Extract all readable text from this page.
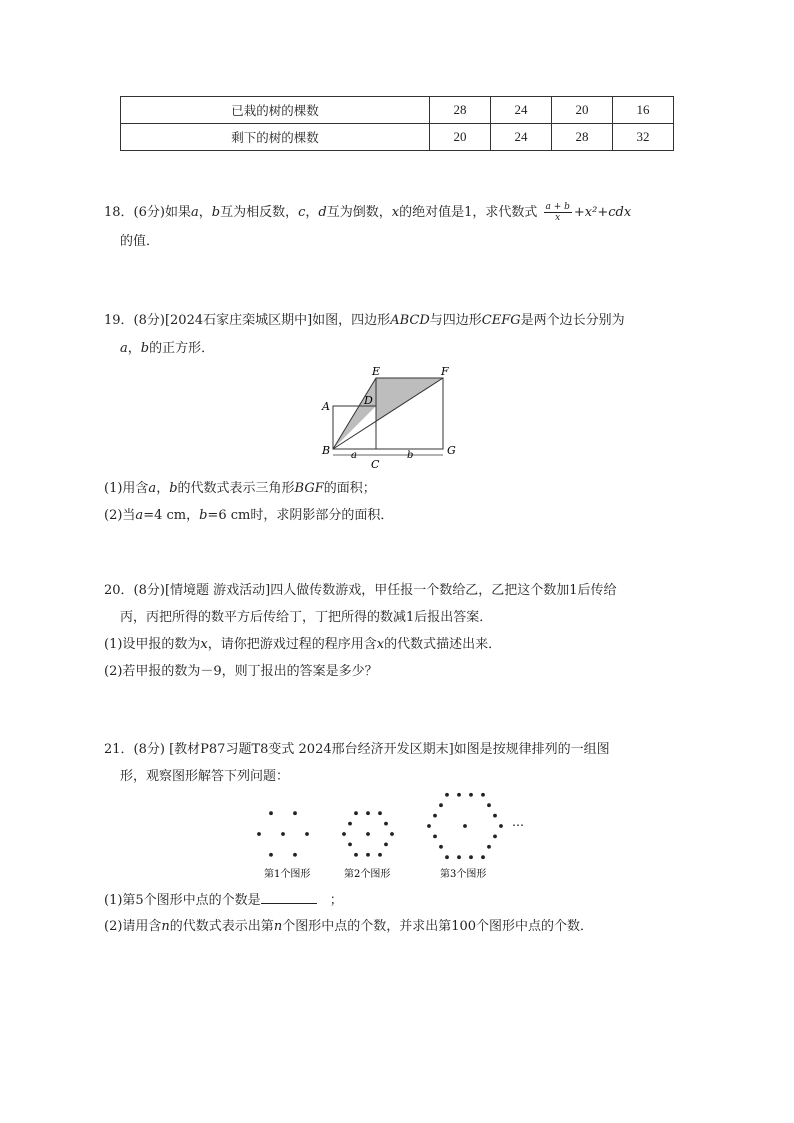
已栽的树的棵数	28	24	20	16
剩下的树的棵数	20	24	28	32
18．(6分)如果a，b互为相反数，c，d互为倒数，x的绝对值是1，求代数式 $\frac{a + b}{x} +x^2+cdx$
的值．
19．(8分)[2024石家庄栾城区期中]如图，四边形ABCD与四边形CEFG是两个边长分别为
a，b的正方形．
A
B
C
D
E	F
G
a	b
(1)用含a，b的代数式表示三角形BGF的面积；
(2)当a=4 cm，b=6 cm时，求阴影部分的面积．
20．(8分)[情境题 游戏活动]四人做传数游戏，甲任报一个数给乙，乙把这个数加1后传给
丙，丙把所得的数平方后传给丁，丁把所得的数减1后报出答案．
(1)设甲报的数为x，请你把游戏过程的程序用含x的代数式描述出来．
(2)若甲报的数为－9，则丁报出的答案是多少？
21．(8分) [教材P87习题T8变式 2024邢台经济开发区期末]如图是按规律排列的一组图
形，观察图形解答下列问题：
第1个图形	第2个图形	第3个图形
…
(1)第5个图形中点的个数是 	；
(2)请用含n的代数式表示出第n个图形中点的个数，并求出第100个图形中点的个数．
